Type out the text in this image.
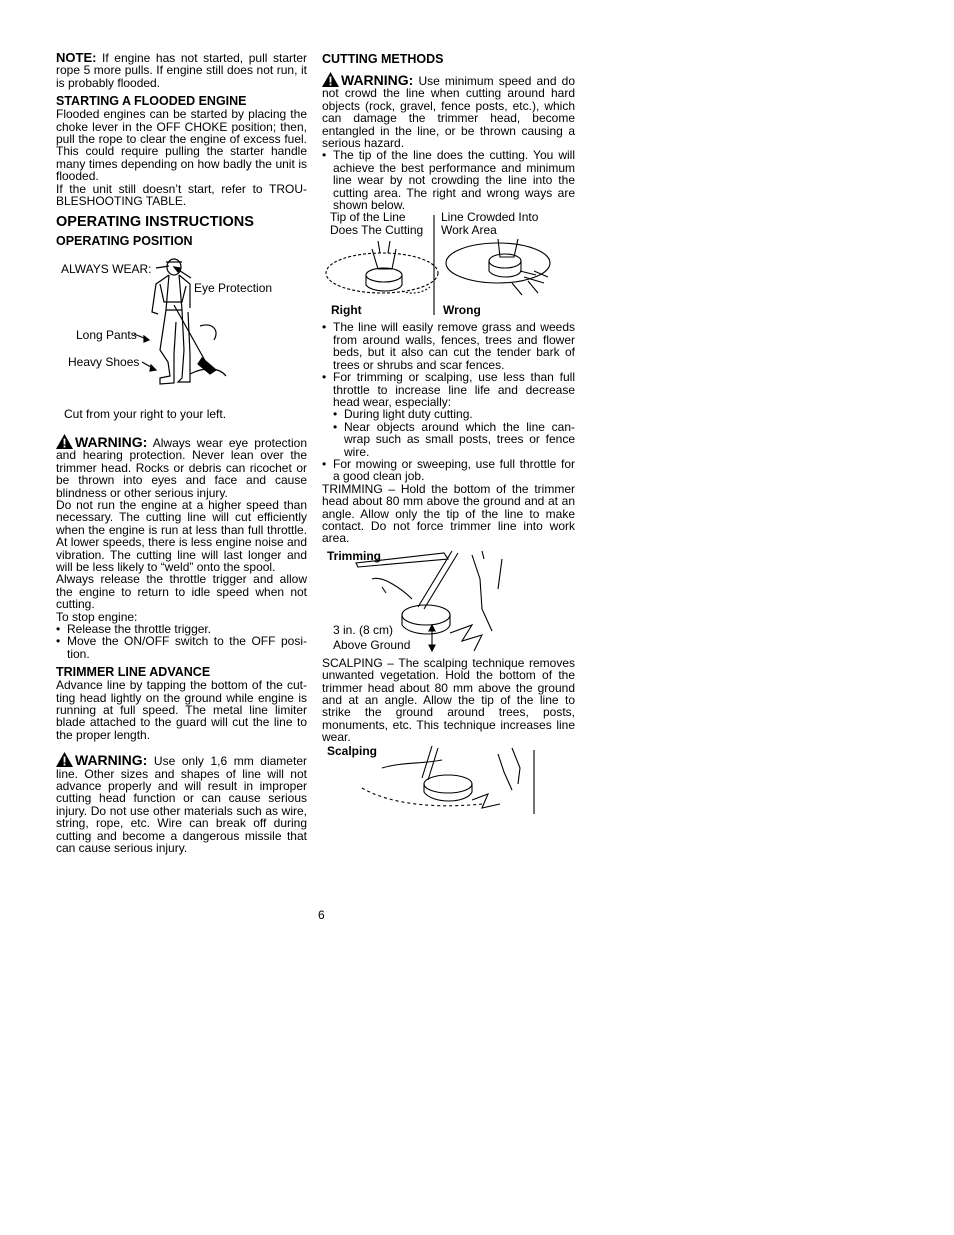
NOTE: If engine has not started, pull starter rope 5 more pulls. If engine still does not run, it is probably flooded.

STARTING A FLOODED ENGINE

Flooded engines can be started by placing the choke lever in the OFF CHOKE position; then, pull the rope to clear the engine of excess fuel. This could require pulling the starter handle many times depending on how badly the unit is flooded.

If the unit still doesn’t start, refer to TROUBLESHOOTING TABLE.

OPERATING INSTRUCTIONS
OPERATING POSITION
ALWAYS WEAR:
Eye Protection
Long Pants
Heavy Shoes

Cut from your right to your left.

WARNING: Always wear eye protection and hearing protection. Never lean over the trimmer head. Rocks or debris can ricochet or be thrown into eyes and face and cause blindness or other serious injury.

Do not run the engine at a higher speed than necessary. The cutting line will cut efficiently when the engine is run at less than full throttle. At lower speeds, there is less engine noise and vibration. The cutting line will last longer and will be less likely to “weld” onto the spool.

Always release the throttle trigger and allow the engine to return to idle speed when not cutting.

To stop engine:

• Release the throttle trigger.
• Move the ON/OFF switch to the OFF position.
TRIMMER LINE ADVANCE

Advance line by tapping the bottom of the cutting head lightly on the ground while engine is running at full speed. The metal line limiter blade attached to the guard will cut the line to the proper length.

WARNING: Use only 1,6 mm diameter line. Other sizes and shapes of line will not advance properly and will result in improper cutting head function or can cause serious injury. Do not use other materials such as wire, string, rope, etc. Wire can break off during cutting and become a dangerous missile that can cause serious injury.

CUTTING METHODS

WARNING: Use minimum speed and do not crowd the line when cutting around hard objects (rock, gravel, fence posts, etc.), which can damage the trimmer head, become entangled in the line, or be thrown causing a serious hazard.

• The tip of the line does the cutting. You will achieve the best performance and minimum line wear by not crowding the line into the cutting area. The right and wrong ways are shown below.
Tip of the Line Does The Cutting
Line Crowded Into Work Area
Right	Wrong
• The line will easily remove grass and weeds from around walls, fences, trees and flower beds, but it also can cut the tender bark of trees or shrubs and scar fences.
• For trimming or scalping, use less than full throttle to increase line life and decrease head wear, especially:
• During light duty cutting.
• Near objects around which the line canwrap such as small posts, trees or fence wire.
• For mowing or sweeping, use full throttle for a good clean job.

TRIMMING – Hold the bottom of the trimmer head about 80 mm above the ground and at an angle. Allow only the tip of the line to make contact. Do not force trimmer line into work area.

Trimming
3 in. (8 cm)
Above Ground

SCALPING – The scalping technique removes unwanted vegetation. Hold the bottom of the trimmer head about 80 mm above the ground and at an angle. Allow the tip of the line to strike the ground around trees, posts, monuments, etc. This technique increases line wear.

Scalping
6
